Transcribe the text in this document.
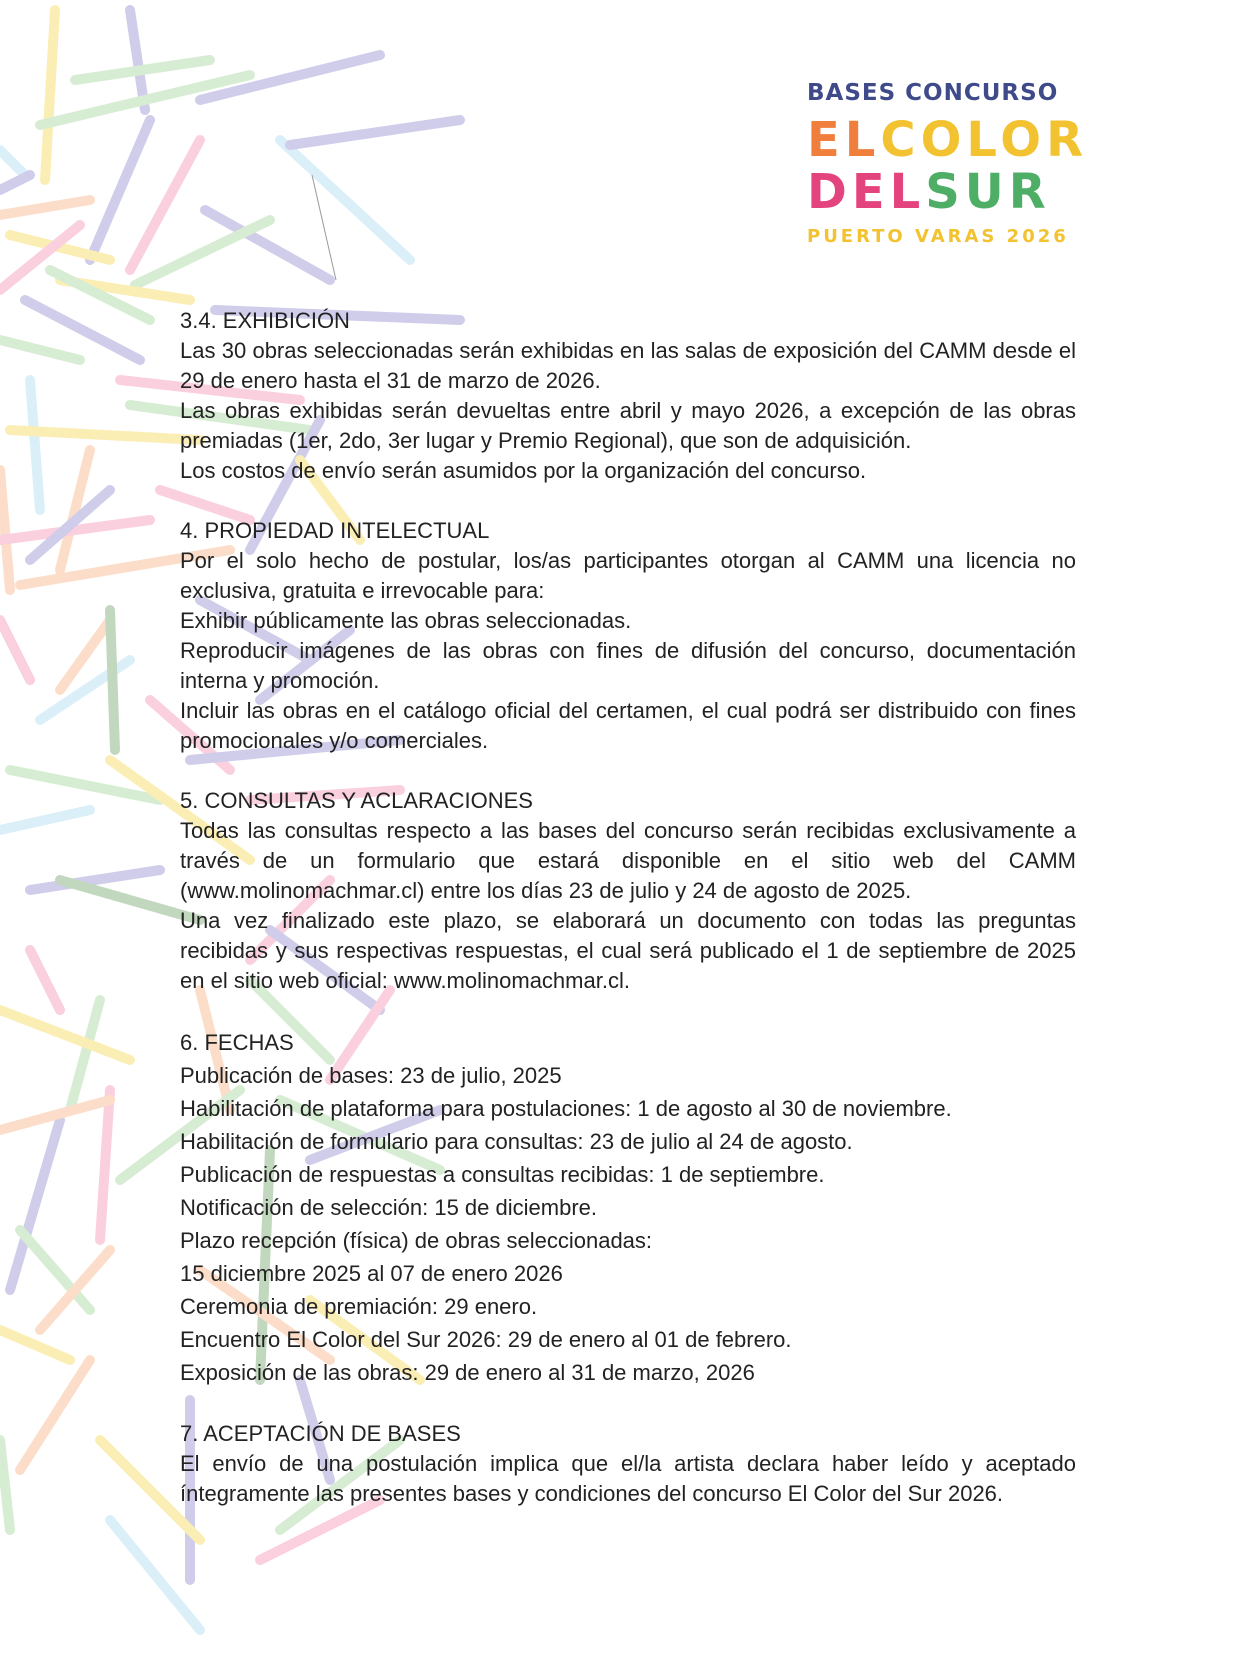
BASES CONCURSO
ELCOLOR
DELSUR
PUERTO VARAS 2026
3.4. EXHIBICIÓN

Las 30 obras seleccionadas serán exhibidas en las salas de exposición del CAMM desde el 29 de enero hasta el 31 de marzo de 2026.

Las obras exhibidas serán devueltas entre abril y mayo 2026, a excepción de las obras premiadas (1er, 2do, 3er lugar y Premio Regional), que son de adquisición.

Los costos de envío serán asumidos por la organización del concurso.

4. PROPIEDAD INTELECTUAL

Por el solo hecho de postular, los/as participantes otorgan al CAMM una licencia no exclusiva, gratuita e irrevocable para:

Exhibir públicamente las obras seleccionadas.

Reproducir imágenes de las obras con fines de difusión del concurso, documentación interna y promoción.

Incluir las obras en el catálogo oficial del certamen, el cual podrá ser distribuido con fines promocionales y/o comerciales.

5. CONSULTAS Y ACLARACIONES

Todas las consultas respecto a las bases del concurso serán recibidas exclusivamente a través de un formulario que estará disponible en el sitio web del CAMM (www.molinomachmar.cl) entre los días 23 de julio y 24 de agosto de 2025.

Una vez finalizado este plazo, se elaborará un documento con todas las preguntas recibidas y sus respectivas respuestas, el cual será publicado el 1 de septiembre de 2025 en el sitio web oficial: www.molinomachmar.cl.

6. FECHAS

Publicación de bases: 23 de julio, 2025

Habilitación de plataforma para postulaciones: 1 de agosto al 30 de noviembre.

Habilitación de formulario para consultas: 23 de julio al 24 de agosto.

Publicación de respuestas a consultas recibidas: 1 de septiembre.

Notificación de selección: 15 de diciembre.

Plazo recepción (física) de obras seleccionadas:

15 diciembre 2025 al 07 de enero 2026

Ceremonia de premiación: 29 enero.

Encuentro El Color del Sur 2026: 29 de enero al 01 de febrero.

Exposición de las obras: 29 de enero al 31 de marzo, 2026

7. ACEPTACIÓN DE BASES

El envío de una postulación implica que el/la artista declara haber leído y aceptado íntegramente las presentes bases y condiciones del concurso El Color del Sur 2026.
